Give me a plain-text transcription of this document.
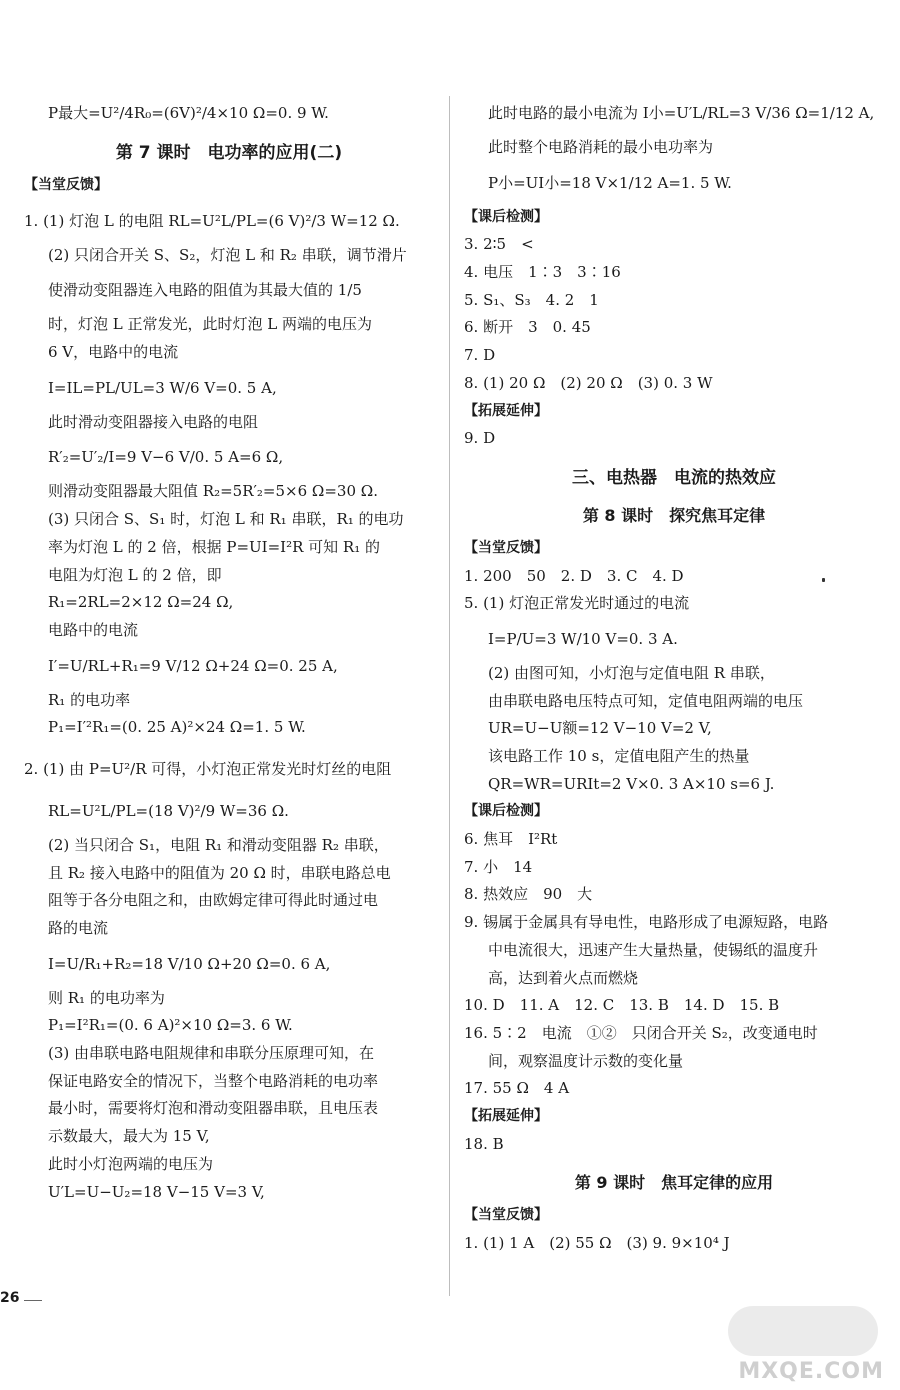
P最大=U²/4R₀=(6V)²/4×10 Ω=0. 9 W.
第 7 课时　电功率的应用(二)
【当堂反馈】
1. (1) 灯泡 L 的电阻 RL=U²L/PL=(6 V)²/3 W=12 Ω.
(2) 只闭合开关 S、S₂，灯泡 L 和 R₂ 串联，调节滑片
使滑动变阻器连入电路的阻值为其最大值的 1/5
时，灯泡 L 正常发光，此时灯泡 L 两端的电压为
6 V，电路中的电流
I=IL=PL/UL=3 W/6 V=0. 5 A,
此时滑动变阻器接入电路的电阻
R′₂=U′₂/I=9 V−6 V/0. 5 A=6 Ω,
则滑动变阻器最大阻值 R₂=5R′₂=5×6 Ω=30 Ω.
(3) 只闭合 S、S₁ 时，灯泡 L 和 R₁ 串联，R₁ 的电功
率为灯泡 L 的 2 倍，根据 P=UI=I²R 可知 R₁ 的
电阻为灯泡 L 的 2 倍，即
R₁=2RL=2×12 Ω=24 Ω,
电路中的电流
I′=U/RL+R₁=9 V/12 Ω+24 Ω=0. 25 A,
R₁ 的电功率
P₁=I′²R₁=(0. 25 A)²×24 Ω=1. 5 W.
2. (1) 由 P=U²/R 可得，小灯泡正常发光时灯丝的电阻
RL=U²L/PL=(18 V)²/9 W=36 Ω.
(2) 当只闭合 S₁，电阻 R₁ 和滑动变阻器 R₂ 串联，
且 R₂ 接入电路中的阻值为 20 Ω 时，串联电路总电
阻等于各分电阻之和，由欧姆定律可得此时通过电
路的电流
I=U/R₁+R₂=18 V/10 Ω+20 Ω=0. 6 A,
则 R₁ 的电功率为
P₁=I²R₁=(0. 6 A)²×10 Ω=3. 6 W.
(3) 由串联电路电阻规律和串联分压原理可知，在
保证电路安全的情况下，当整个电路消耗的电功率
最小时，需要将灯泡和滑动变阻器串联，且电压表
示数最大，最大为 15 V,
此时小灯泡两端的电压为
U′L=U−U₂=18 V−15 V=3 V,
此时电路的最小电流为 I小=U′L/RL=3 V/36 Ω=1/12 A,
此时整个电路消耗的最小电功率为
P小=UI小=18 V×1/12 A=1. 5 W.
【课后检测】
3. 2∶5　<
4. 电压　1∶3　3∶16
5. S₁、S₃　4. 2　1
6. 断开　3　0. 45
7. D
8. (1) 20 Ω　(2) 20 Ω　(3) 0. 3 W
【拓展延伸】
9. D
三、电热器　电流的热效应
第 8 课时　探究焦耳定律
【当堂反馈】
1. 200　50　2. D　3. C　4. D
5. (1) 灯泡正常发光时通过的电流
I=P/U=3 W/10 V=0. 3 A.
(2) 由图可知，小灯泡与定值电阻 R 串联，
由串联电路电压特点可知，定值电阻两端的电压
UR=U−U额=12 V−10 V=2 V,
该电路工作 10 s，定值电阻产生的热量
QR=WR=URIt=2 V×0. 3 A×10 s=6 J.
【课后检测】
6. 焦耳　I²Rt
7. 小　14
8. 热效应　90　大
9. 锡属于金属具有导电性，电路形成了电源短路，电路
中电流很大，迅速产生大量热量，使锡纸的温度升
高，达到着火点而燃烧
10. D　11. A　12. C　13. B　14. D　15. B
16. 5∶2　电流　①②　只闭合开关 S₂，改变通电时
间，观察温度计示数的变化量
17. 55 Ω　4 A
【拓展延伸】
18. B
第 9 课时　焦耳定律的应用
【当堂反馈】
1. (1) 1 A　(2) 55 Ω　(3) 9. 9×10⁴ J
26
MXQE.COM
